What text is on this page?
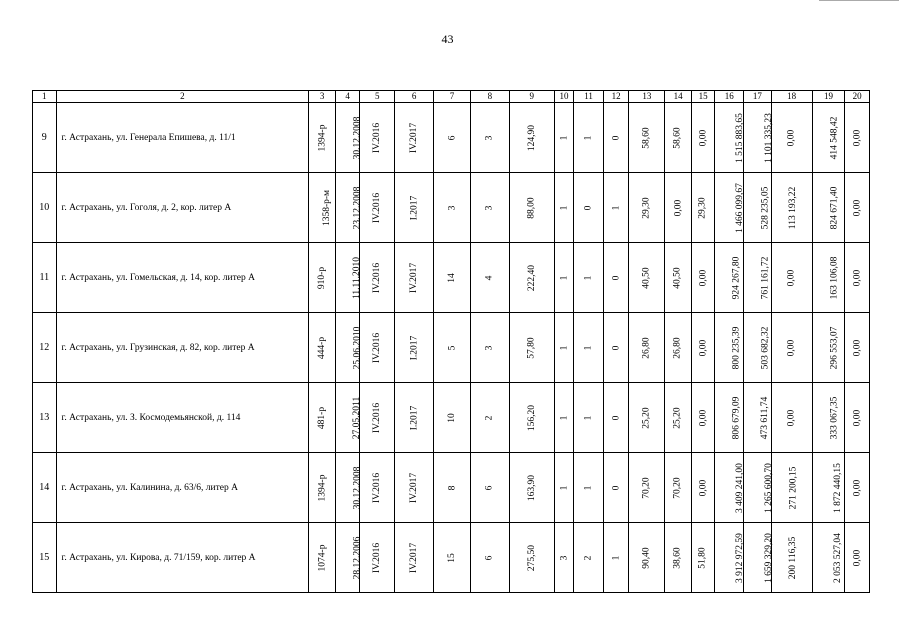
43
1	2	3	4	5	6	7	8	9	10	11	12	13	14	15	16	17	18	19	20
9	г. Астрахань, ул. Генерала Епишева, д. 11/1	1394-р	30.12.2008	IV.2016	IV.2017	6	3	124,90	1	1	0	58,60	58,60	0,00	1 515 883,65	1 101 335,23	0,00	414 548,42	0,00
10	г. Астрахань, ул. Гоголя, д. 2, кор. литер А	1358-р-м	23.12.2008	IV.2016	I.2017	3	3	88,00	1	0	1	29,30	0,00	29,30	1 466 099,67	528 235,05	113 193,22	824 671,40	0,00
11	г. Астрахань, ул. Гомельская, д. 14, кор. литер А	910-р	11.11.2010	IV.2016	IV.2017	14	4	222,40	1	1	0	40,50	40,50	0,00	924 267,80	761 161,72	0,00	163 106,08	0,00
12	г. Астрахань, ул. Грузинская, д. 82, кор. литер А	444-р	25.06.2010	IV.2016	I.2017	5	3	57,80	1	1	0	26,80	26,80	0,00	800 235,39	503 682,32	0,00	296 553,07	0,00
13	г. Астрахань, ул. З. Космодемьянской, д. 114	481-р	27.05.2011	IV.2016	I.2017	10	2	156,20	1	1	0	25,20	25,20	0,00	806 679,09	473 611,74	0,00	333 067,35	0,00
14	г. Астрахань, ул. Калинина, д. 63/6, литер А	1394-р	30.12.2008	IV.2016	IV.2017	8	6	163,90	1	1	0	70,20	70,20	0,00	3 409 241,00	1 265 600,70	271 200,15	1 872 440,15	0,00
15	г. Астрахань, ул. Кирова, д. 71/159, кор. литер А	1074-р	28.12.2006	IV.2016	IV.2017	15	6	275,50	3	2	1	90,40	38,60	51,80	3 912 972,59	1 659 329,20	200 116,35	2 053 527,04	0,00
